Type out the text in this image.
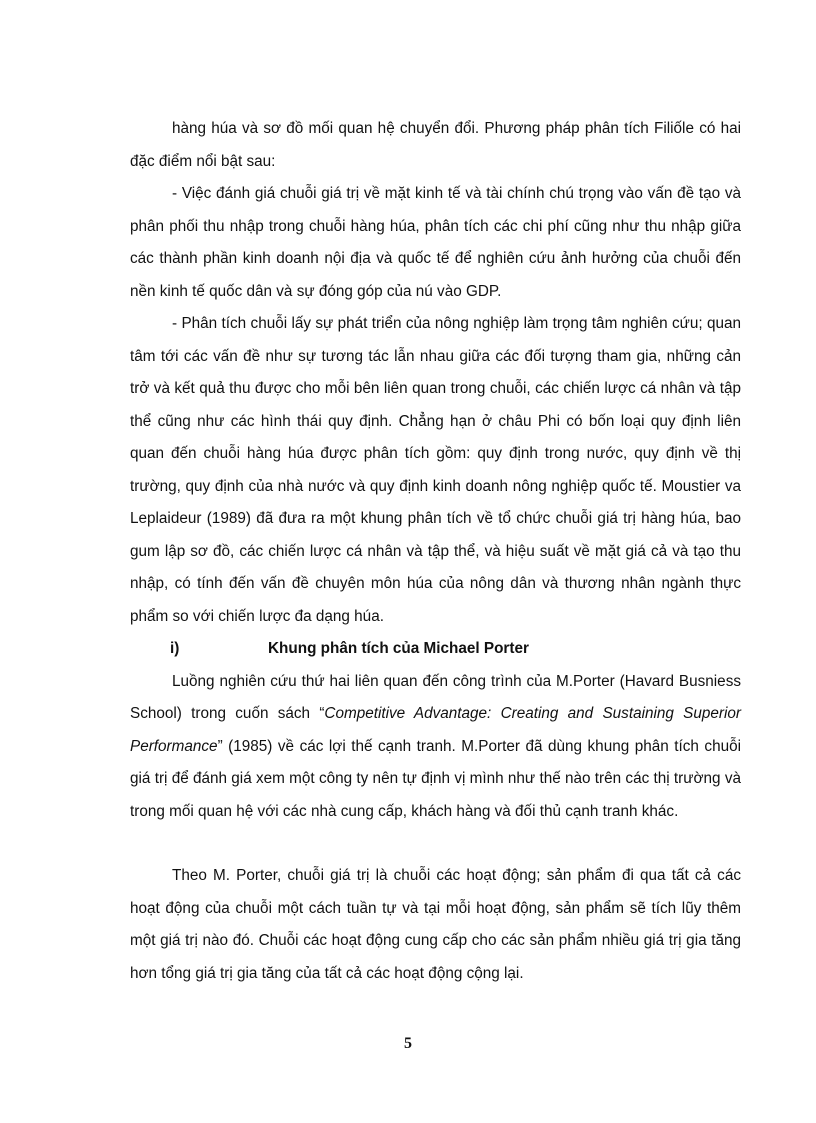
hàng húa và sơ đồ mối quan hệ chuyển đổi. Phương pháp phân tích Filiốle có hai đặc điểm nổi bật sau:

- Việc đánh giá chuỗi giá trị về mặt kinh tế và tài chính chú trọng vào vấn đề tạo và phân phối thu nhập trong chuỗi hàng húa, phân tích các chi phí cũng như thu nhập giữa các thành phần kinh doanh nội địa và quốc tế để nghiên cứu ảnh hưởng của chuỗi đến nền kinh tế quốc dân và sự đóng góp của nú vào GDP.

- Phân tích chuỗi lấy sự phát triển của nông nghiệp làm trọng tâm nghiên cứu; quan tâm tới các vấn đề như sự tương tác lẫn nhau giữa các đối tượng tham gia, những cản trở và kết quả thu được cho mỗi bên liên quan trong chuỗi, các chiến lược cá nhân và tập thể cũng như các hình thái quy định. Chẳng hạn ở châu Phi có bốn loại quy định liên quan đến chuỗi hàng húa được phân tích gồm: quy định trong nước, quy định về thị trường, quy định của nhà nước và quy định kinh doanh nông nghiệp quốc tế. Moustier va Leplaideur (1989) đã đưa ra một khung phân tích về tổ chức chuỗi giá trị hàng húa, bao gum lập sơ đồ, các chiến lược cá nhân và tập thể, và hiệu suất về mặt giá cả và tạo thu nhập, có tính đến vấn đề chuyên môn húa của nông dân và thương nhân ngành thực phẩm so với chiến lược đa dạng húa.

i)	Khung phân tích của Michael Porter

Luồng nghiên cứu thứ hai liên quan đến công trình của M.Porter (Havard Busniess School) trong cuốn sách “Competitive Advantage: Creating and Sustaining Superior Performance” (1985) về các lợi thế cạnh tranh. M.Porter đã dùng khung phân tích chuỗi giá trị để đánh giá xem một công ty nên tự định vị mình như thế nào trên các thị trường và trong mối quan hệ với các nhà cung cấp, khách hàng và đối thủ cạnh tranh khác.

Theo M. Porter, chuỗi giá trị là chuỗi các hoạt động; sản phẩm đi qua tất cả các hoạt động của chuỗi một cách tuần tự và tại mỗi hoạt động, sản phẩm sẽ tích lũy thêm một giá trị nào đó. Chuỗi các hoạt động cung cấp cho các sản phẩm nhiều giá trị gia tăng hơn tổng giá trị gia tăng của tất cả các hoạt động cộng lại.

5
